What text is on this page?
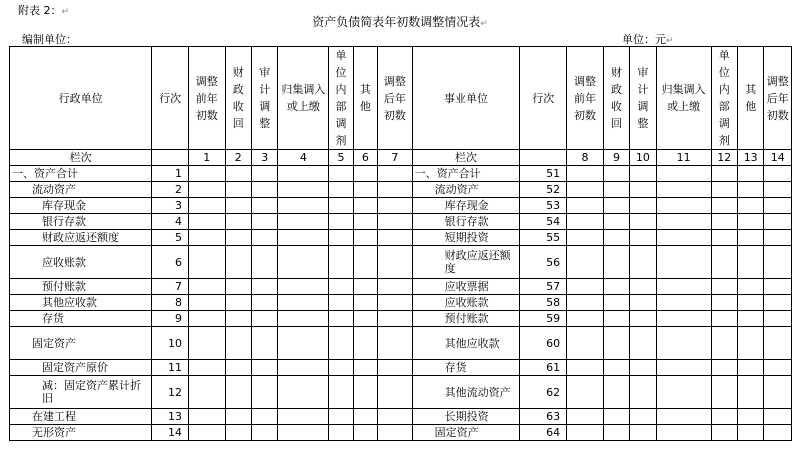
附表 2：↵
资产负债简表年初数调整情况表↵
编制单位：	单位：元↵
行政单位	行次	调整前年初数	财政收回	审计调整	归集调入或上缴	单位内部调剂	其他	调整后年初数	事业单位	行次	调整前年初数	财政收回	审计调整	归集调入或上缴	单位内部调剂	其他	调整后年初数
栏次		1	2	3	4	5	6	7	栏次		8	9	10	11	12	13	14
一、资产合计	1								一、资产合计	51							
流动资产	2								流动资产	52							
库存现金	3								库存现金	53							
银行存款	4								银行存款	54							
财政应返还额度	5								短期投资	55							
应收账款	6								财政应返还额度	56							
预付账款	7								应收票据	57							
其他应收款	8								应收账款	58							
存货	9								预付账款	59							
固定资产	10								其他应收款	60							
固定资产原价	11								存货	61							
减：固定资产累计折旧	12								其他流动资产	62							
在建工程	13								长期投资	63							
无形资产	14								固定资产	64							
